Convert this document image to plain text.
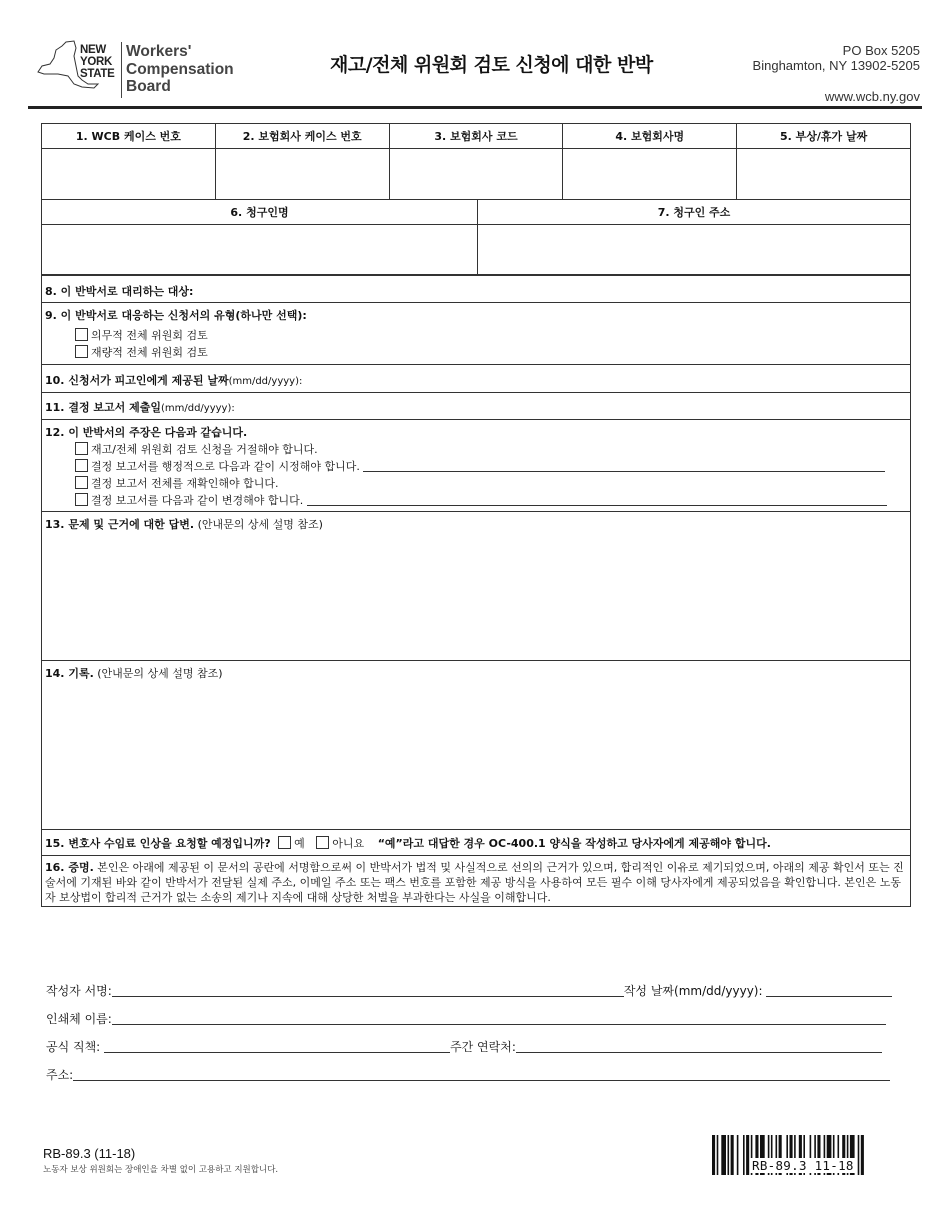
NEW
YORK
STATE
Workers'
Compensation
Board
재고/전체 위원회 검토 신청에 대한 반박
PO Box 5205
Binghamton, NY 13902-5205
www.wcb.ny.gov
1. WCB 케이스 번호	2. 보험회사 케이스 번호	3. 보험회사 코드	4. 보험회사명	5. 부상/휴가 날짜
6. 청구인명	7. 청구인 주소
8. 이 반박서로 대리하는 대상:
9. 이 반박서로 대응하는 신청서의 유형(하나만 선택):
의무적 전체 위원회 검토
재량적 전체 위원회 검토
10. 신청서가 피고인에게 제공된 날짜(mm/dd/yyyy):
11. 결정 보고서 제출일(mm/dd/yyyy):
12. 이 반박서의 주장은 다음과 같습니다.
재고/전체 위원회 검토 신청을 거절해야 합니다.
결정 보고서를 행정적으로 다음과 같이 시정해야 합니다.
결정 보고서 전체를 재확인해야 합니다.
결정 보고서를 다음과 같이 변경해야 합니다.
13. 문제 및 근거에 대한 답변. (안내문의 상세 설명 참조)
14. 기록. (안내문의 상세 설명 참조)
15. 변호사 수임료 인상을 요청할 예정입니까? 예	아니요 “예”라고 대답한 경우 OC-400.1 양식을 작성하고 당사자에게 제공해야 합니다.
16. 증명. 본인은 아래에 제공된 이 문서의 공란에 서명함으로써 이 반박서가 법적 및 사실적으로 선의의 근거가 있으며, 합리적인 이유로 제기되었으며, 아래의 제공 확인서 또는 진술서에 기재된 바와 같이 반박서가 전달된 실제 주소, 이메일 주소 또는 팩스 번호를 포함한 제공 방식을 사용하여 모든 필수 이해 당사자에게 제공되었음을 확인합니다. 본인은 노동자 보상법이 합리적 근거가 없는 소송의 제기나 지속에 대해 상당한 처벌을 부과한다는 사실을 이해합니다.
작성자 서명:	작성 날짜(mm/dd/yyyy):
인쇄체 이름:
공식 직책:	주간 연락처:
주소:
RB-89.3 (11-18)
노동자 보상 위원회는 장애인을 차별 없이 고용하고 지원합니다.	RB-89.3 11-18
